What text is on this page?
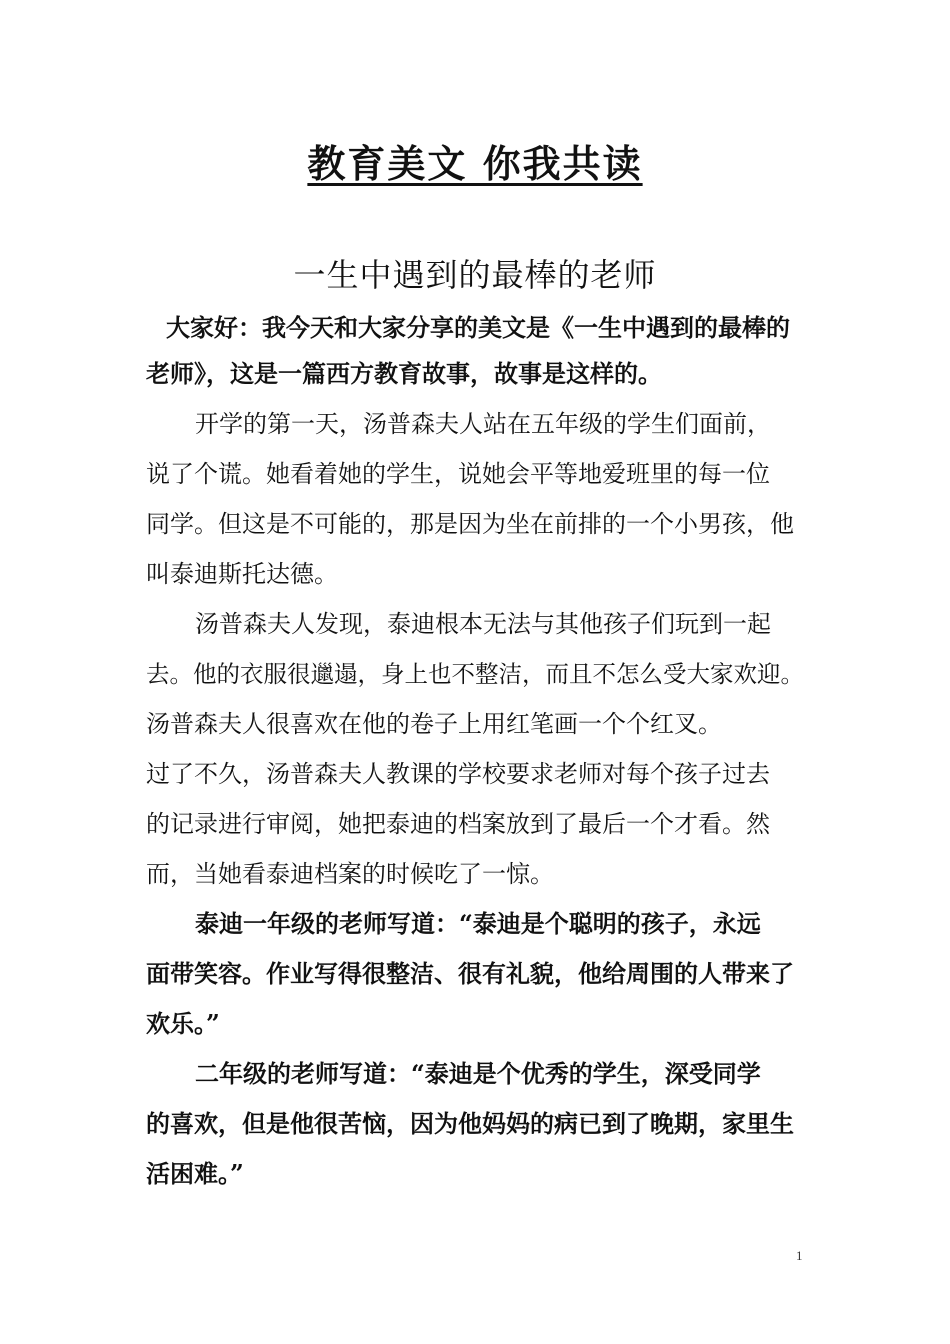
教育美文 你我共读
一生中遇到的最棒的老师
大家好：我今天和大家分享的美文是《一生中遇到的最棒的
老师》，这是一篇西方教育故事，故事是这样的。
开学的第一天，汤普森夫人站在五年级的学生们面前，
说了个谎。她看着她的学生，说她会平等地爱班里的每一位
同学。但这是不可能的，那是因为坐在前排的一个小男孩，他
叫泰迪斯托达德。
汤普森夫人发现，泰迪根本无法与其他孩子们玩到一起
去。他的衣服很邋遢，身上也不整洁，而且不怎么受大家欢迎。
汤普森夫人很喜欢在他的卷子上用红笔画一个个红叉。
过了不久，汤普森夫人教课的学校要求老师对每个孩子过去
的记录进行审阅，她把泰迪的档案放到了最后一个才看。然
而，当她看泰迪档案的时候吃了一惊。
泰迪一年级的老师写道：“泰迪是个聪明的孩子，永远
面带笑容。作业写得很整洁、很有礼貌，他给周围的人带来了
欢乐。”
二年级的老师写道：“泰迪是个优秀的学生，深受同学
的喜欢，但是他很苦恼，因为他妈妈的病已到了晚期，家里生
活困难。”
1
